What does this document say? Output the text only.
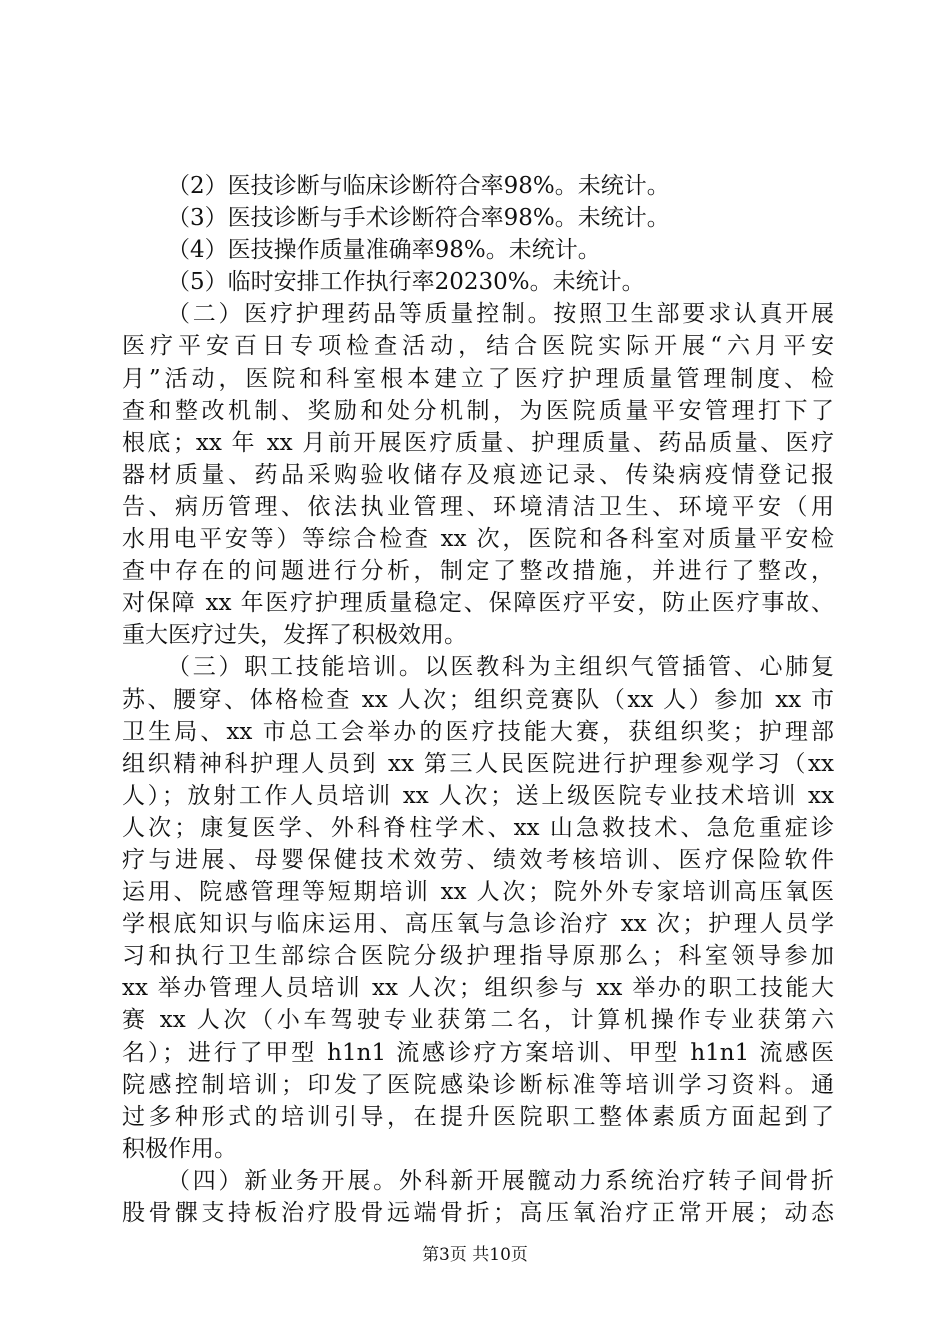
（2）医技诊断与临床诊断符合率98%。未统计。
（3）医技诊断与手术诊断符合率98%。未统计。
（4）医技操作质量准确率98%。未统计。
（5）临时安排工作执行率20230%。未统计。
（二）医疗护理药品等质量控制。按照卫生部要求认真开展
医疗平安百日专项检查活动，结合医院实际开展“六月平安
月”活动，医院和科室根本建立了医疗护理质量管理制度、检
查和整改机制、奖励和处分机制，为医院质量平安管理打下了
根底；xx 年 xx 月前开展医疗质量、护理质量、药品质量、医疗
器材质量、药品采购验收储存及痕迹记录、传染病疫情登记报
告、病历管理、依法执业管理、环境清洁卫生、环境平安（用
水用电平安等）等综合检查 xx 次，医院和各科室对质量平安检
查中存在的问题进行分析，制定了整改措施，并进行了整改，
对保障 xx 年医疗护理质量稳定、保障医疗平安，防止医疗事故、
重大医疗过失，发挥了积极效用。
（三）职工技能培训。以医教科为主组织气管插管、心肺复
苏、腰穿、体格检查 xx 人次；组织竞赛队（xx 人）参加 xx 市
卫生局、xx 市总工会举办的医疗技能大赛，获组织奖；护理部
组织精神科护理人员到 xx 第三人民医院进行护理参观学习（xx
人）；放射工作人员培训 xx 人次；送上级医院专业技术培训 xx
人次；康复医学、外科脊柱学术、xx 山急救技术、急危重症诊
疗与进展、母婴保健技术效劳、绩效考核培训、医疗保险软件
运用、院感管理等短期培训 xx 人次；院外外专家培训高压氧医
学根底知识与临床运用、高压氧与急诊治疗 xx 次；护理人员学
习和执行卫生部综合医院分级护理指导原那么；科室领导参加
xx 举办管理人员培训 xx 人次；组织参与 xx 举办的职工技能大
赛 xx 人次（小车驾驶专业获第二名，计算机操作专业获第六
名）；进行了甲型 h1n1 流感诊疗方案培训、甲型 h1n1 流感医
院感控制培训；印发了医院感染诊断标准等培训学习资料。通
过多种形式的培训引导，在提升医院职工整体素质方面起到了
积极作用。
（四）新业务开展。外科新开展髋动力系统治疗转子间骨折
股骨髁支持板治疗股骨远端骨折；高压氧治疗正常开展；动态
第3页 共10页
